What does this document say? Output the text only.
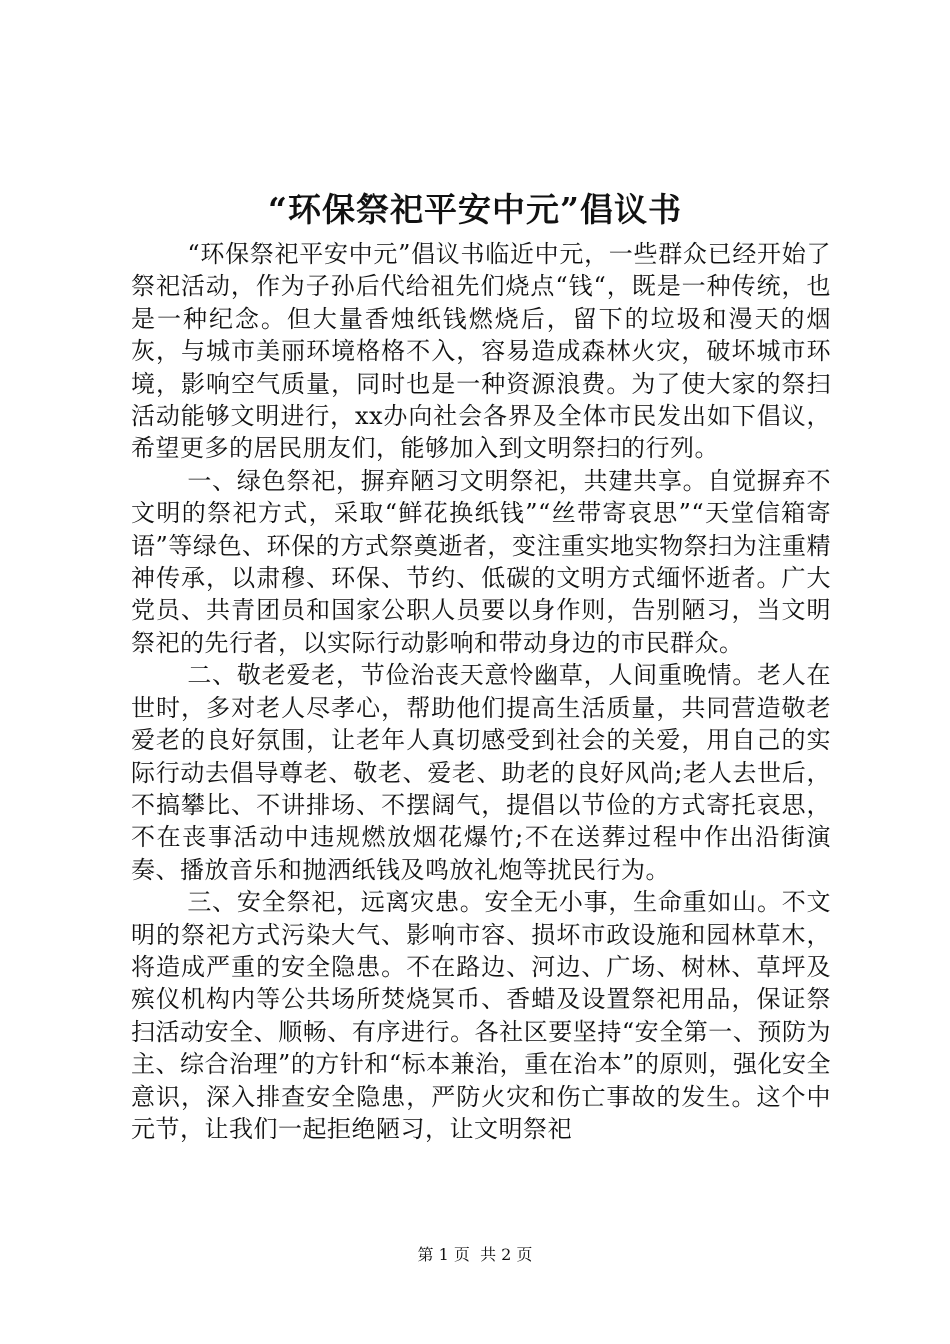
“环保祭祀平安中元”倡议书

“环保祭祀平安中元”倡议书临近中元，一些群众已经开始了祭祀活动，作为子孙后代给祖先们烧点“钱“，既是一种传统，也是一种纪念。但大量香烛纸钱燃烧后，留下的垃圾和漫天的烟灰，与城市美丽环境格格不入，容易造成森林火灾，破坏城市环境，影响空气质量，同时也是一种资源浪费。为了使大家的祭扫活动能够文明进行，xx办向社会各界及全体市民发出如下倡议，希望更多的居民朋友们，能够加入到文明祭扫的行列。

一、绿色祭祀，摒弃陋习文明祭祀，共建共享。自觉摒弃不文明的祭祀方式，采取“鲜花换纸钱”“丝带寄哀思”“天堂信箱寄语”等绿色、环保的方式祭奠逝者，变注重实地实物祭扫为注重精神传承，以肃穆、环保、节约、低碳的文明方式缅怀逝者。广大党员、共青团员和国家公职人员要以身作则，告别陋习，当文明祭祀的先行者，以实际行动影响和带动身边的市民群众。

二、敬老爱老，节俭治丧天意怜幽草，人间重晚情。老人在世时，多对老人尽孝心，帮助他们提高生活质量，共同营造敬老爱老的良好氛围，让老年人真切感受到社会的关爱，用自己的实际行动去倡导尊老、敬老、爱老、助老的良好风尚;老人去世后，不搞攀比、不讲排场、不摆阔气，提倡以节俭的方式寄托哀思，不在丧事活动中违规燃放烟花爆竹;不在送葬过程中作出沿街演奏、播放音乐和抛洒纸钱及鸣放礼炮等扰民行为。

三、安全祭祀，远离灾患。安全无小事，生命重如山。不文明的祭祀方式污染大气、影响市容、损坏市政设施和园林草木，将造成严重的安全隐患。不在路边、河边、广场、树林、草坪及殡仪机构内等公共场所焚烧冥币、香蜡及设置祭祀用品，保证祭扫活动安全、顺畅、有序进行。各社区要坚持“安全第一、预防为主、综合治理”的方针和“标本兼治，重在治本”的原则，强化安全意识，深入排查安全隐患，严防火灾和伤亡事故的发生。这个中元节，让我们一起拒绝陋习，让文明祭祀

第 1 页  共 2 页
